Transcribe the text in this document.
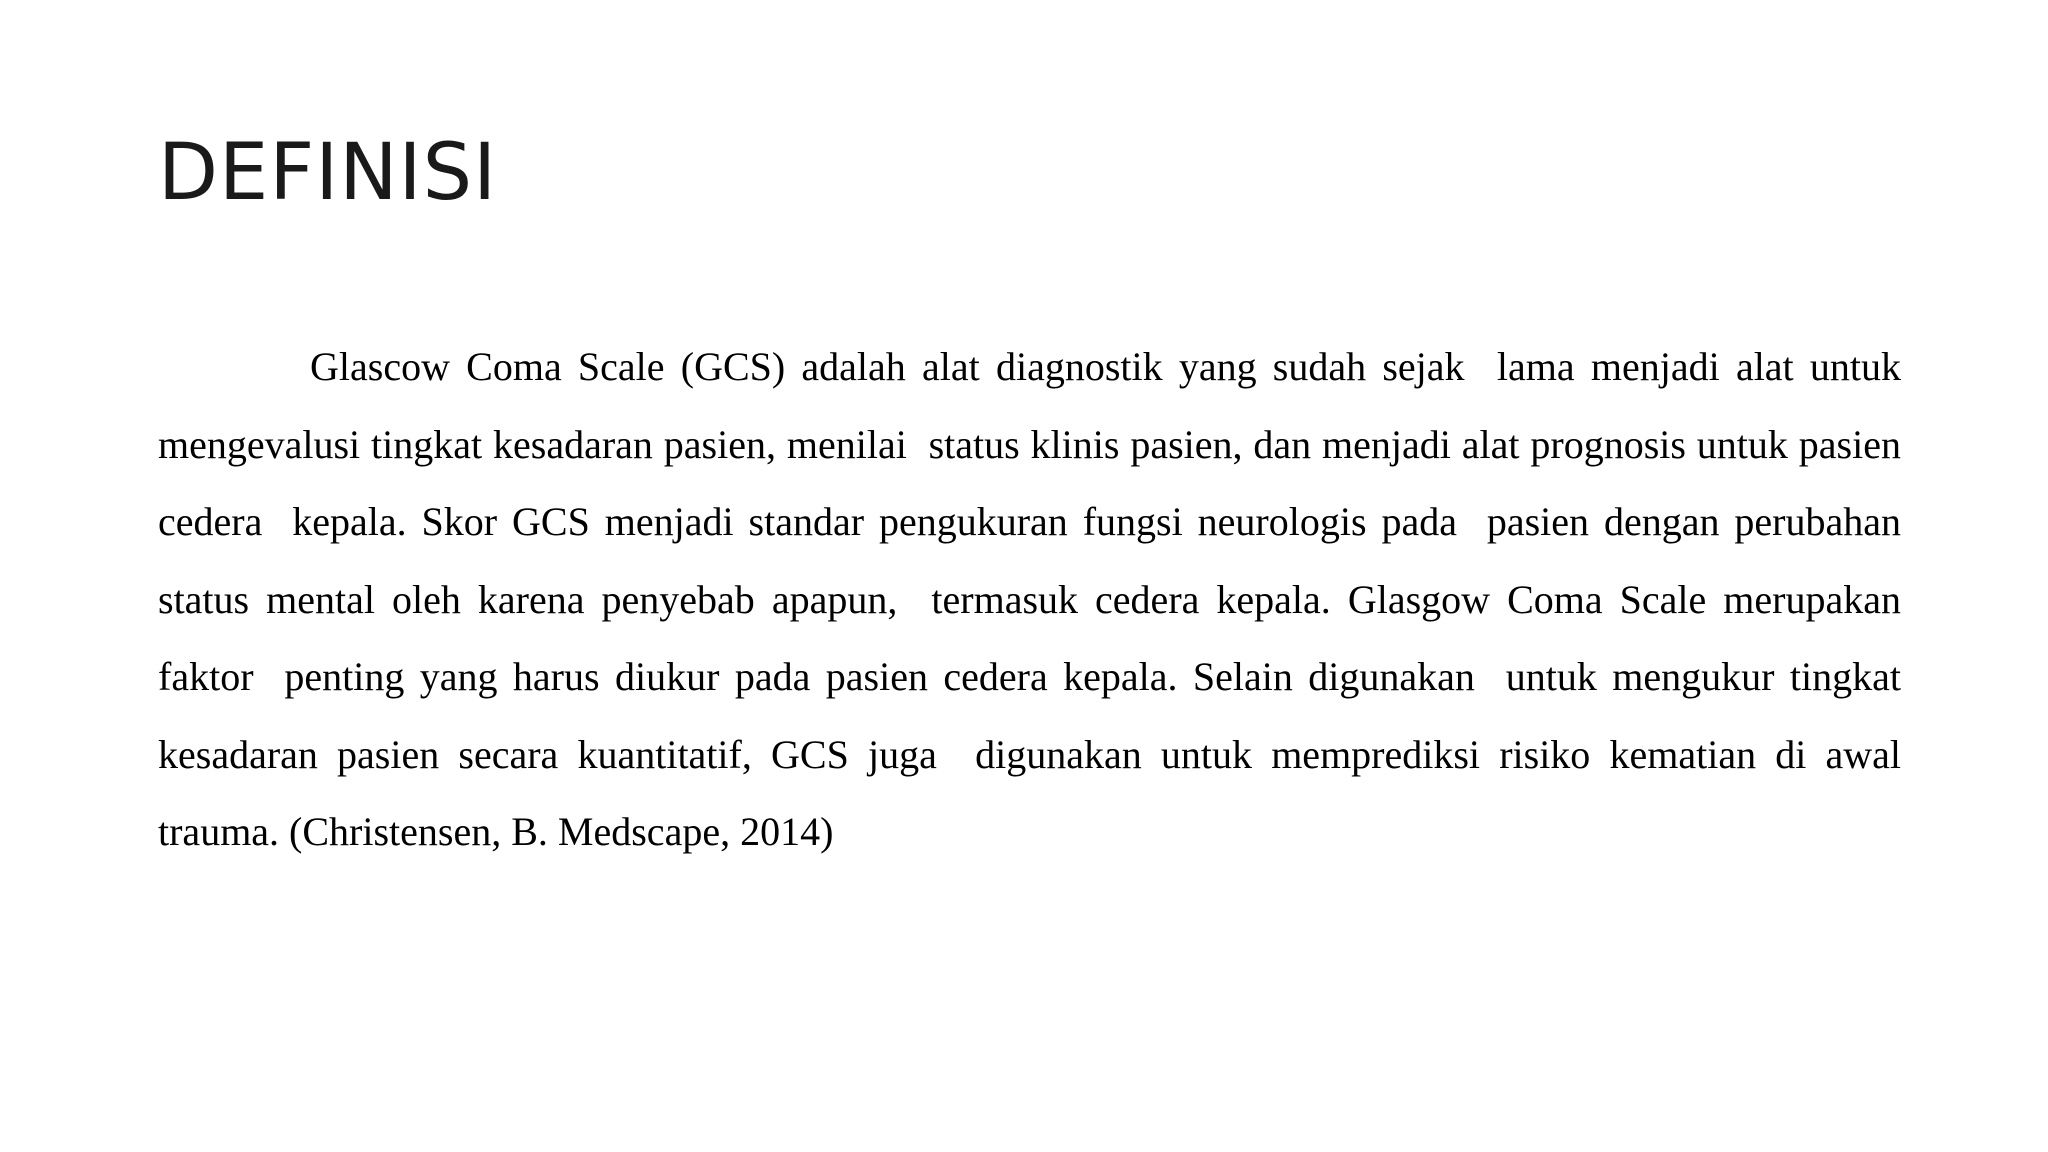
DEFINISI

Glascow Coma Scale (GCS) adalah alat diagnostik yang sudah sejak  lama menjadi alat untuk mengevalusi tingkat kesadaran pasien, menilai  status klinis pasien, dan menjadi alat prognosis untuk pasien cedera  kepala. Skor GCS menjadi standar pengukuran fungsi neurologis pada  pasien dengan perubahan status mental oleh karena penyebab apapun,  termasuk cedera kepala. Glasgow Coma Scale merupakan faktor  penting yang harus diukur pada pasien cedera kepala. Selain digunakan  untuk mengukur tingkat kesadaran pasien secara kuantitatif, GCS juga  digunakan untuk memprediksi risiko kematian di awal  trauma. (Christensen, B. Medscape, 2014)
